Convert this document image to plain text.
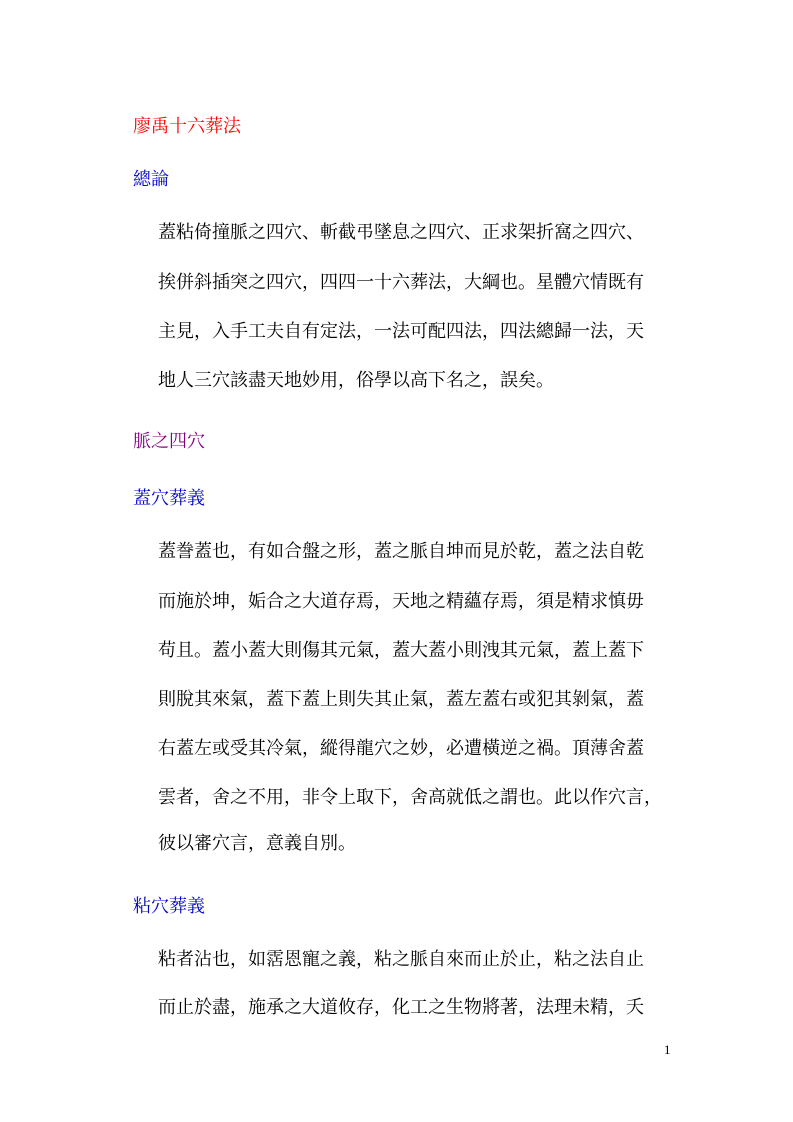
廖禹十六葬法
總論

蓋粘倚撞脈之四穴、斬截弔墜息之四穴、正求架折窩之四穴、

挨併斜插突之四穴，四四一十六葬法，大綱也。星體穴情既有

主見，入手工夫自有定法，一法可配四法，四法總歸一法，天

地人三穴該盡天地妙用，俗學以高下名之，誤矣。

脈之四穴
蓋穴葬義

蓋誊蓋也，有如合盤之形，蓋之脈自坤而見於乾，蓋之法自乾

而施於坤，姤合之大道存焉，天地之精蘊存焉，須是精求慎毋

苟且。蓋小蓋大則傷其元氣，蓋大蓋小則洩其元氣，蓋上蓋下

則脫其來氣，蓋下蓋上則失其止氣，蓋左蓋右或犯其剝氣，蓋

右蓋左或受其冷氣，縱得龍穴之妙，必遭橫逆之禍。頂薄舍蓋

雲者，舍之不用，非令上取下，舍高就低之謂也。此以作穴言，

彼以審穴言，意義自別。

粘穴葬義

粘者沾也，如霑恩寵之義，粘之脈自來而止於止，粘之法自止

而止於盡，施承之大道攸存，化工之生物將著，法理未精，夭

1
